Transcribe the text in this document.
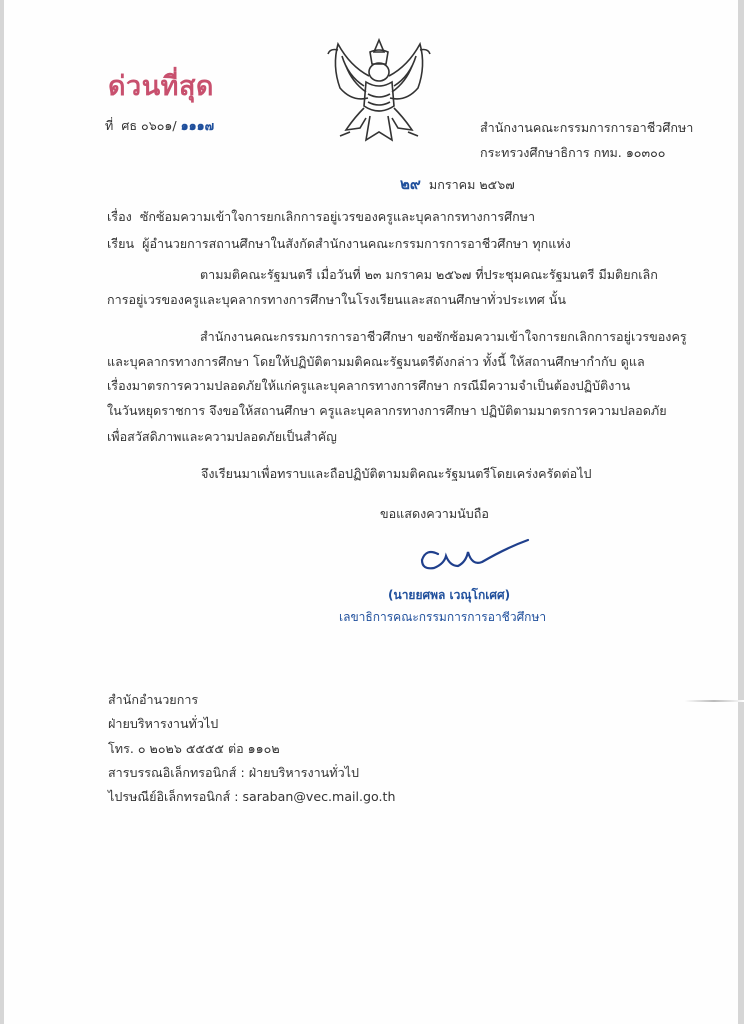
ด่วนที่สุด
ที่ ศธ ๐๖๐๑/ ๑๑๑๗	สำนักงานคณะกรรมการการอาชีวศึกษา
กระทรวงศึกษาธิการ กทม. ๑๐๓๐๐
๒๙ มกราคม ๒๕๖๗
เรื่อง ซักซ้อมความเข้าใจการยกเลิกการอยู่เวรของครูและบุคลากรทางการศึกษา
เรียน ผู้อำนวยการสถานศึกษาในสังกัดสำนักงานคณะกรรมการการอาชีวศึกษา ทุกแห่ง
ตามมติคณะรัฐมนตรี เมื่อวันที่ ๒๓ มกราคม ๒๕๖๗ ที่ประชุมคณะรัฐมนตรี มีมติยกเลิก
การอยู่เวรของครูและบุคลากรทางการศึกษาในโรงเรียนและสถานศึกษาทั่วประเทศ นั้น
สำนักงานคณะกรรมการการอาชีวศึกษา ขอซักซ้อมความเข้าใจการยกเลิกการอยู่เวรของครู
และบุคลากรทางการศึกษา โดยให้ปฏิบัติตามมติคณะรัฐมนตรีดังกล่าว ทั้งนี้ ให้สถานศึกษากำกับ ดูแล
เรื่องมาตรการความปลอดภัยให้แก่ครูและบุคลากรทางการศึกษา กรณีมีความจำเป็นต้องปฏิบัติงาน
ในวันหยุดราชการ จึงขอให้สถานศึกษา ครูและบุคลากรทางการศึกษา ปฏิบัติตามมาตรการความปลอดภัย
เพื่อสวัสดิภาพและความปลอดภัยเป็นสำคัญ
จึงเรียนมาเพื่อทราบและถือปฏิบัติตามมติคณะรัฐมนตรีโดยเคร่งครัดต่อไป
ขอแสดงความนับถือ
(นายยศพล เวณุโกเศศ)
เลขาธิการคณะกรรมการการอาชีวศึกษา
สำนักอำนวยการ
ฝ่ายบริหารงานทั่วไป
โทร. ๐ ๒๐๒๖ ๕๕๕๕ ต่อ ๑๑๐๒
สารบรรณอิเล็กทรอนิกส์ : ฝ่ายบริหารงานทั่วไป
ไปรษณีย์อิเล็กทรอนิกส์ : saraban@vec.mail.go.th
